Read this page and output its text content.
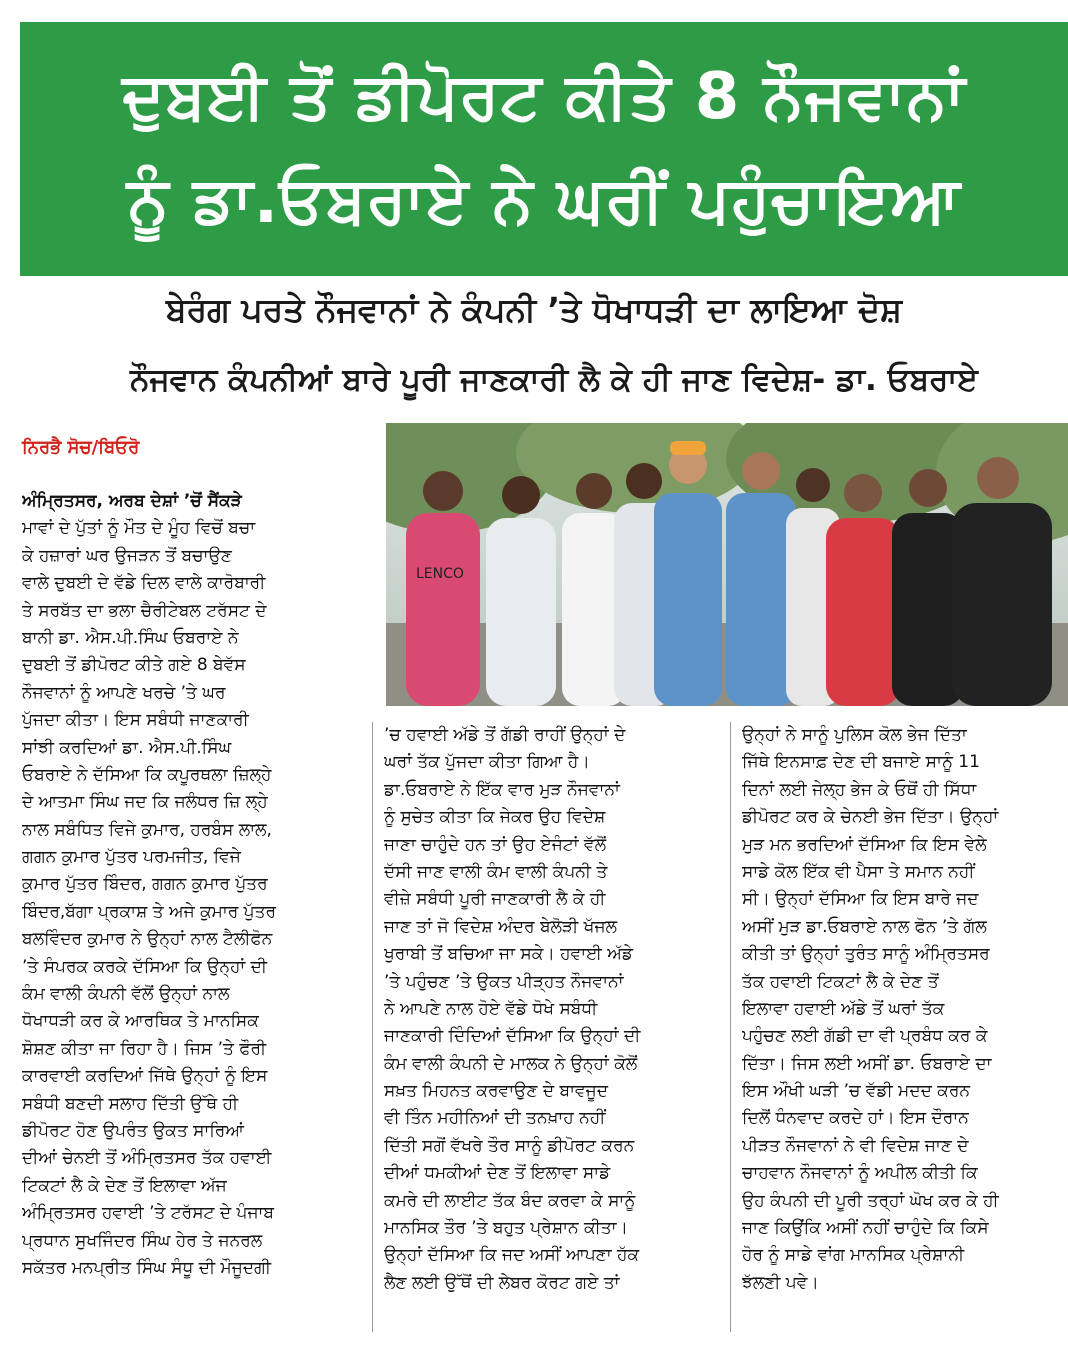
ਦੁਬਈ ਤੋਂ ਡੀਪੋਰਟ ਕੀਤੇ 8 ਨੌਜਵਾਨਾਂ
ਨੂੰ ਡਾ.ਓਬਰਾਏ ਨੇ ਘਰੀਂ ਪਹੁੰਚਾਇਆ
ਬੇਰੰਗ ਪਰਤੇ ਨੌਜਵਾਨਾਂ ਨੇ ਕੰਪਨੀ ’ਤੇ ਧੋਖਾਧੜੀ ਦਾ ਲਾਇਆ ਦੋਸ਼
ਨੌਜਵਾਨ ਕੰਪਨੀਆਂ ਬਾਰੇ ਪੂਰੀ ਜਾਣਕਾਰੀ ਲੈ ਕੇ ਹੀ ਜਾਣ ਵਿਦੇਸ਼- ਡਾ. ਓਬਰਾਏ
ਨਿਰਭੈ ਸੋਚ/ਬਿਓਰੋ
LENCO
ਅੰਮ੍ਰਿਤਸਰ, ਅਰਬ ਦੇਸ਼ਾਂ ’ਚੋਂ ਸੈਂਕੜੇ
ਮਾਵਾਂ ਦੇ ਪੁੱਤਾਂ ਨੂੰ ਮੌਤ ਦੇ ਮੂੰਹ ਵਿਚੋਂ ਬਚਾ
ਕੇ ਹਜ਼ਾਰਾਂ ਘਰ ਉਜੜਨ ਤੋਂ ਬਚਾਉਣ
ਵਾਲੇ ਦੁਬਈ ਦੇ ਵੱਡੇ ਦਿਲ ਵਾਲੇ ਕਾਰੋਬਾਰੀ
ਤੇ ਸਰਬੱਤ ਦਾ ਭਲਾ ਚੈਰੀਟੇਬਲ ਟਰੱਸਟ ਦੇ
ਬਾਨੀ ਡਾ. ਐਸ.ਪੀ.ਸਿੰਘ ਓਬਰਾਏ ਨੇ
ਦੁਬਈ ਤੋਂ ਡੀਪੋਰਟ ਕੀਤੇ ਗਏ 8 ਬੇਵੱਸ
ਨੌਜਵਾਨਾਂ ਨੂੰ ਆਪਣੇ ਖਰਚੇ ’ਤੇ ਘਰ
ਪੁੱਜਦਾ ਕੀਤਾ। ਇਸ ਸਬੰਧੀ ਜਾਣਕਾਰੀ
ਸਾਂਝੀ ਕਰਦਿਆਂ ਡਾ. ਐਸ.ਪੀ.ਸਿੰਘ
ਓਬਰਾਏ ਨੇ ਦੱਸਿਆ ਕਿ ਕਪੂਰਥਲਾ ਜ਼ਿਲ੍ਹੇ
ਦੇ ਆਤਮਾ ਸਿੰਘ ਜਦ ਕਿ ਜਲੰਧਰ ਜ਼ਿ ਲ੍ਹੇ
ਨਾਲ ਸਬੰਧਿਤ ਵਿਜੇ ਕੁਮਾਰ, ਹਰਬੰਸ ਲਾਲ,
ਗਗਨ ਕੁਮਾਰ ਪੁੱਤਰ ਪਰਮਜੀਤ, ਵਿਜੇ
ਕੁਮਾਰ ਪੁੱਤਰ ਬਿੰਦਰ, ਗਗਨ ਕੁਮਾਰ ਪੁੱਤਰ
ਬਿੰਦਰ,ਬੱਗਾ ਪ੍ਰਕਾਸ਼ ਤੇ ਅਜੇ ਕੁਮਾਰ ਪੁੱਤਰ
ਬਲਵਿੰਦਰ ਕੁਮਾਰ ਨੇ ਉਨ੍ਹਾਂ ਨਾਲ ਟੈਲੀਫੋਨ
’ਤੇ ਸੰਪਰਕ ਕਰਕੇ ਦੱਸਿਆ ਕਿ ਉਨ੍ਹਾਂ ਦੀ
ਕੰਮ ਵਾਲੀ ਕੰਪਨੀ ਵੱਲੋਂ ਉਨ੍ਹਾਂ ਨਾਲ
ਧੋਖਾਧੜੀ ਕਰ ਕੇ ਆਰਥਿਕ ਤੇ ਮਾਨਸਿਕ
ਸ਼ੋਸ਼ਣ ਕੀਤਾ ਜਾ ਰਿਹਾ ਹੈ। ਜਿਸ ’ਤੇ ਫੌਰੀ
ਕਾਰਵਾਈ ਕਰਦਿਆਂ ਜਿੱਥੇ ਉਨ੍ਹਾਂ ਨੂੰ ਇਸ
ਸਬੰਧੀ ਬਣਦੀ ਸਲਾਹ ਦਿੱਤੀ ਉੱਥੇ ਹੀ
ਡੀਪੋਰਟ ਹੋਣ ਉਪਰੰਤ ਉਕਤ ਸਾਰਿਆਂ
ਦੀਆਂ ਚੇਨਈ ਤੋਂ ਅੰਮ੍ਰਿਤਸਰ ਤੱਕ ਹਵਾਈ
ਟਿਕਟਾਂ ਲੈ ਕੇ ਦੇਣ ਤੋਂ ਇਲਾਵਾ ਅੱਜ
ਅੰਮ੍ਰਿਤਸਰ ਹਵਾਈ ’ਤੇ ਟਰੱਸਟ ਦੇ ਪੰਜਾਬ
ਪ੍ਰਧਾਨ ਸੁਖਜਿੰਦਰ ਸਿੰਘ ਹੇਰ ਤੇ ਜਨਰਲ
ਸਕੱਤਰ ਮਨਪ੍ਰੀਤ ਸਿੰਘ ਸੰਧੂ ਦੀ ਮੌਜੂਦਗੀ
’ਚ ਹਵਾਈ ਅੱਡੇ ਤੋਂ ਗੱਡੀ ਰਾਹੀਂ ਉਨ੍ਹਾਂ ਦੇ
ਘਰਾਂ ਤੱਕ ਪੁੱਜਦਾ ਕੀਤਾ ਗਿਆ ਹੈ।
ਡਾ.ਓਬਰਾਏ ਨੇ ਇੱਕ ਵਾਰ ਮੁੜ ਨੌਜਵਾਨਾਂ
ਨੂੰ ਸੁਚੇਤ ਕੀਤਾ ਕਿ ਜੇਕਰ ਉਹ ਵਿਦੇਸ਼
ਜਾਣਾ ਚਾਹੁੰਦੇ ਹਨ ਤਾਂ ਉਹ ਏਜੰਟਾਂ ਵੱਲੋਂ
ਦੱਸੀ ਜਾਣ ਵਾਲੀ ਕੰਮ ਵਾਲੀ ਕੰਪਨੀ ਤੇ
ਵੀਜ਼ੇ ਸਬੰਧੀ ਪੂਰੀ ਜਾਣਕਾਰੀ ਲੈ ਕੇ ਹੀ
ਜਾਣ ਤਾਂ ਜੋ ਵਿਦੇਸ਼ ਅੰਦਰ ਬੇਲੋੜੀ ਖੱਜਲ
ਖੁਰਾਬੀ ਤੋਂ ਬਚਿਆ ਜਾ ਸਕੇ। ਹਵਾਈ ਅੱਡੇ
’ਤੇ ਪਹੁੰਚਣ ’ਤੇ ਉਕਤ ਪੀੜ੍ਹਤ ਨੌਜਵਾਨਾਂ
ਨੇ ਆਪਣੇ ਨਾਲ ਹੋਏ ਵੱਡੇ ਧੋਖੇ ਸਬੰਧੀ
ਜਾਣਕਾਰੀ ਦਿੰਦਿਆਂ ਦੱਸਿਆ ਕਿ ਉਨ੍ਹਾਂ ਦੀ
ਕੰਮ ਵਾਲੀ ਕੰਪਨੀ ਦੇ ਮਾਲਕ ਨੇ ਉਨ੍ਹਾਂ ਕੋਲੋਂ
ਸਖ਼ਤ ਮਿਹਨਤ ਕਰਵਾਉਣ ਦੇ ਬਾਵਜੂਦ
ਵੀ ਤਿੰਨ ਮਹੀਨਿਆਂ ਦੀ ਤਨਖ਼ਾਹ ਨਹੀਂ
ਦਿੱਤੀ ਸਗੋਂ ਵੱਖਰੇ ਤੌਰ ਸਾਨੂੰ ਡੀਪੋਰਟ ਕਰਨ
ਦੀਆਂ ਧਮਕੀਆਂ ਦੇਣ ਤੋਂ ਇਲਾਵਾ ਸਾਡੇ
ਕਮਰੇ ਦੀ ਲਾਈਟ ਤੱਕ ਬੰਦ ਕਰਵਾ ਕੇ ਸਾਨੂੰ
ਮਾਨਸਿਕ ਤੌਰ ’ਤੇ ਬਹੁਤ ਪ੍ਰੇਸ਼ਾਨ ਕੀਤਾ।
ਉਨ੍ਹਾਂ ਦੱਸਿਆ ਕਿ ਜਦ ਅਸੀਂ ਆਪਣਾ ਹੱਕ
ਲੈਣ ਲਈ ਉੱਥੋਂ ਦੀ ਲੇਬਰ ਕੋਰਟ ਗਏ ਤਾਂ
ਉਨ੍ਹਾਂ ਨੇ ਸਾਨੂੰ ਪੁਲਿਸ ਕੋਲ ਭੇਜ ਦਿੱਤਾ
ਜਿੱਥੇ ਇਨਸਾਫ਼ ਦੇਣ ਦੀ ਬਜਾਏ ਸਾਨੂੰ 11
ਦਿਨਾਂ ਲਈ ਜੇਲ੍ਹ ਭੇਜ ਕੇ ਓਥੋਂ ਹੀ ਸਿੱਧਾ
ਡੀਪੋਰਟ ਕਰ ਕੇ ਚੇਨਈ ਭੇਜ ਦਿੱਤਾ। ਉਨ੍ਹਾਂ
ਮੁੜ ਮਨ ਭਰਦਿਆਂ ਦੱਸਿਆ ਕਿ ਇਸ ਵੇਲੇ
ਸਾਡੇ ਕੋਲ ਇੱਕ ਵੀ ਪੈਸਾ ਤੇ ਸਮਾਨ ਨਹੀਂ
ਸੀ। ਉਨ੍ਹਾਂ ਦੱਸਿਆ ਕਿ ਇਸ ਬਾਰੇ ਜਦ
ਅਸੀਂ ਮੁੜ ਡਾ.ਓਬਰਾਏ ਨਾਲ ਫੋਨ ’ਤੇ ਗੱਲ
ਕੀਤੀ ਤਾਂ ਉਨ੍ਹਾਂ ਤੁਰੰਤ ਸਾਨੂੰ ਅੰਮ੍ਰਿਤਸਰ
ਤੱਕ ਹਵਾਈ ਟਿਕਟਾਂ ਲੈ ਕੇ ਦੇਣ ਤੋਂ
ਇਲਾਵਾ ਹਵਾਈ ਅੱਡੇ ਤੋਂ ਘਰਾਂ ਤੱਕ
ਪਹੁੰਚਣ ਲਈ ਗੱਡੀ ਦਾ ਵੀ ਪ੍ਰਬੰਧ ਕਰ ਕੇ
ਦਿੱਤਾ। ਜਿਸ ਲਈ ਅਸੀਂ ਡਾ. ਓਬਰਾਏ ਦਾ
ਇਸ ਔਖੀ ਘੜੀ ’ਚ ਵੱਡੀ ਮਦਦ ਕਰਨ
ਦਿਲੋਂ ਧੰਨਵਾਦ ਕਰਦੇ ਹਾਂ। ਇਸ ਦੌਰਾਨ
ਪੀੜਤ ਨੌਜਵਾਨਾਂ ਨੇ ਵੀ ਵਿਦੇਸ਼ ਜਾਣ ਦੇ
ਚਾਹਵਾਨ ਨੌਜਵਾਨਾਂ ਨੂੰ ਅਪੀਲ ਕੀਤੀ ਕਿ
ਉਹ ਕੰਪਨੀ ਦੀ ਪੂਰੀ ਤਰ੍ਹਾਂ ਘੋਖ ਕਰ ਕੇ ਹੀ
ਜਾਣ ਕਿਉਂਕਿ ਅਸੀਂ ਨਹੀਂ ਚਾਹੁੰਦੇ ਕਿ ਕਿਸੇ
ਹੋਰ ਨੂੰ ਸਾਡੇ ਵਾਂਗ ਮਾਨਸਿਕ ਪ੍ਰੇਸ਼ਾਨੀ
ਝੱਲਣੀ ਪਵੇ।
